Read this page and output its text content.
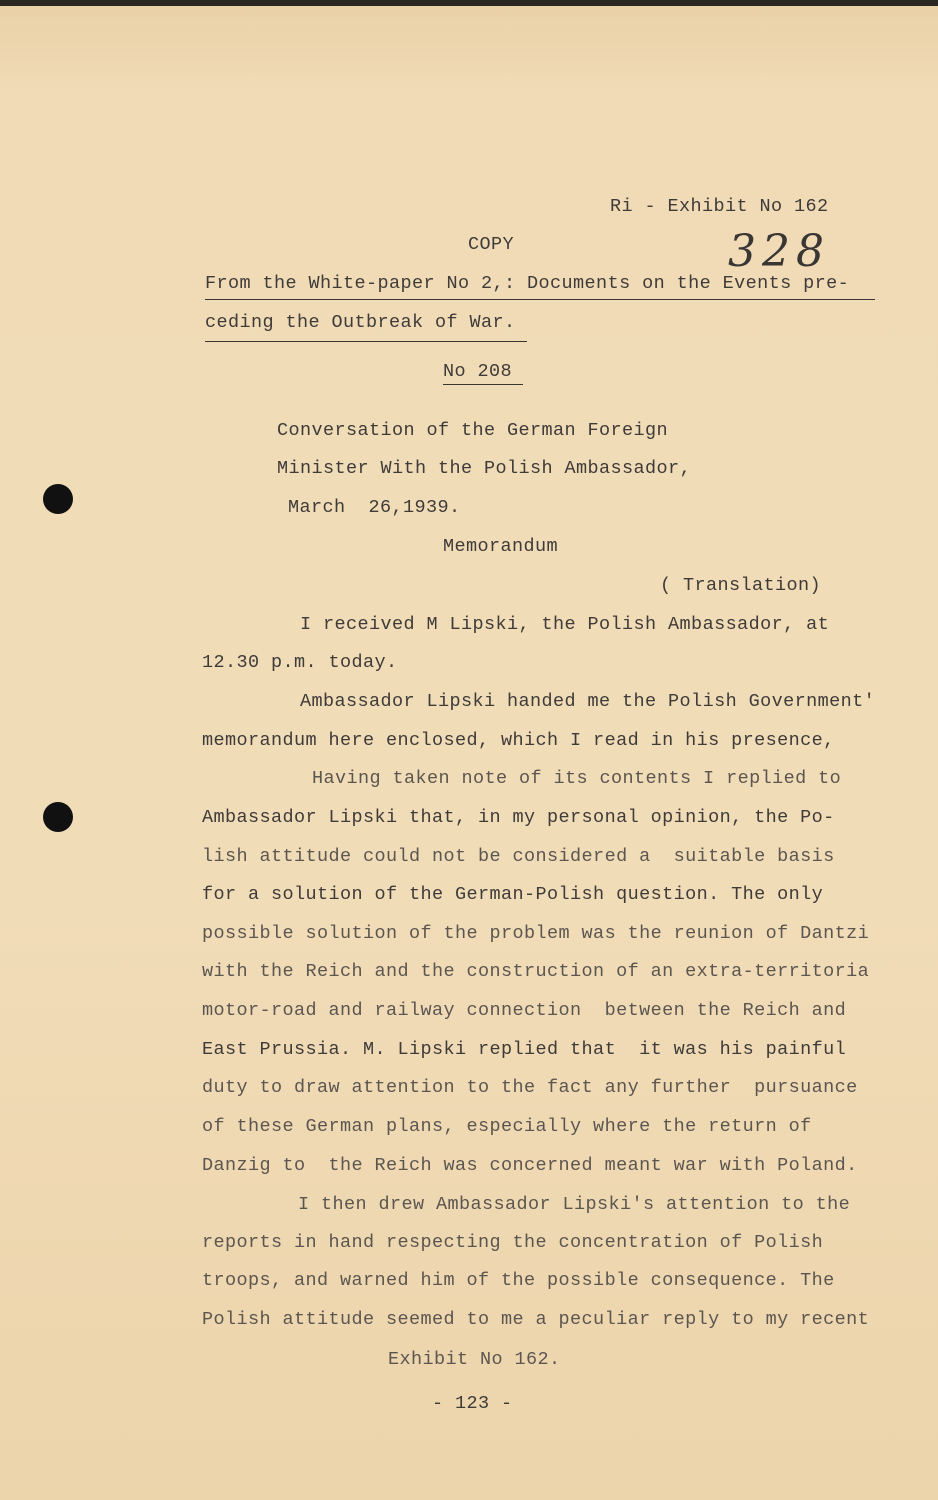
Ri - Exhibit No 162
COPY	328
From the White-paper No 2,: Documents on the Events pre-
ceding the Outbreak of War.
No 208
Conversation of the German Foreign
Minister With the Polish Ambassador,
March  26,1939.
Memorandum
( Translation)
I received M Lipski, the Polish Ambassador, at
12.30 p.m. today.
Ambassador Lipski handed me the Polish Government'
memorandum here enclosed, which I read in his presence,
Having taken note of its contents I replied to
Ambassador Lipski that, in my personal opinion, the Po-
lish attitude could not be considered a  suitable basis
for a solution of the German-Polish question. The only
possible solution of the problem was the reunion of Dantzi
with the Reich and the construction of an extra-territoria
motor-road and railway connection  between the Reich and
East Prussia. M. Lipski replied that  it was his painful
duty to draw attention to the fact any further  pursuance
of these German plans, especially where the return of
Danzig to  the Reich was concerned meant war with Poland.
I then drew Ambassador Lipski's attention to the
reports in hand respecting the concentration of Polish
troops, and warned him of the possible consequence. The
Polish attitude seemed to me a peculiar reply to my recent
Exhibit No 162.
- 123 -
